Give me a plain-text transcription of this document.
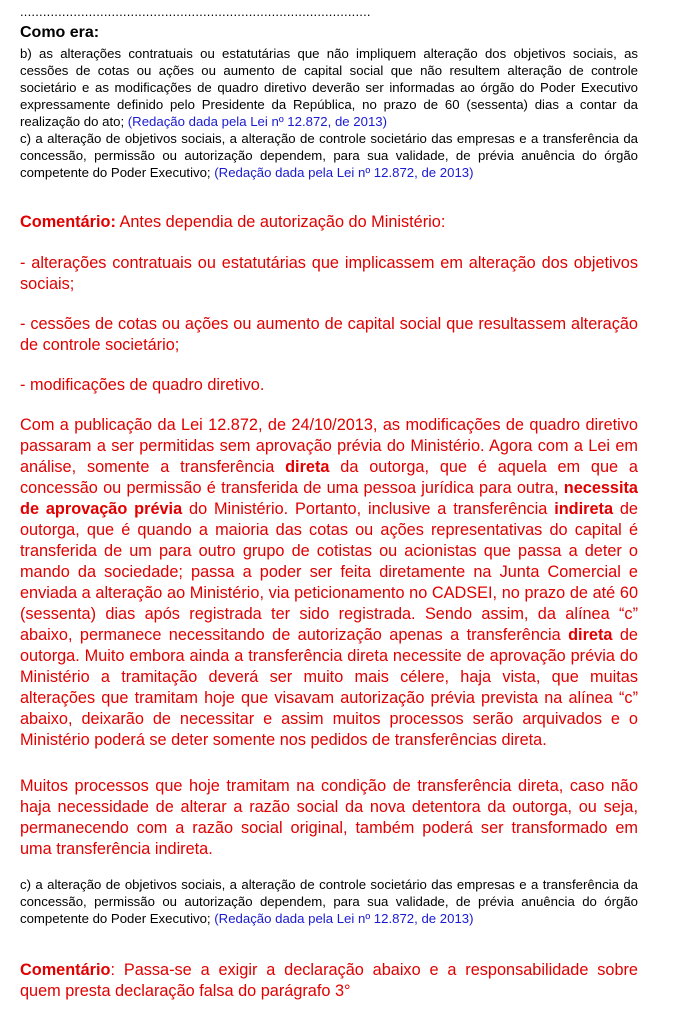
............................................................................................
Como era:
b) as alterações contratuais ou estatutárias que não impliquem alteração dos objetivos sociais, as cessões de cotas ou ações ou aumento de capital social que não resultem alteração de controle societário e as modificações de quadro diretivo deverão ser informadas ao órgão do Poder Executivo expressamente definido pelo Presidente da República, no prazo de 60 (sessenta) dias a contar da realização do ato; (Redação dada pela Lei nº 12.872, de 2013)
c) a alteração de objetivos sociais, a alteração de controle societário das empresas e a transferência da concessão, permissão ou autorização dependem, para sua validade, de prévia anuência do órgão competente do Poder Executivo; (Redação dada pela Lei nº 12.872, de 2013)
Comentário: Antes dependia de autorização do Ministério:
- alterações contratuais ou estatutárias que implicassem em alteração dos objetivos sociais;
- cessões de cotas ou ações ou aumento de capital social que resultassem alteração de controle societário;
- modificações de quadro diretivo.
Com a publicação da Lei 12.872, de 24/10/2013, as modificações de quadro diretivo passaram a ser permitidas sem aprovação prévia do Ministério. Agora com a Lei em análise, somente a transferência direta da outorga, que é aquela em que a concessão ou permissão é transferida de uma pessoa jurídica para outra, necessita de aprovação prévia do Ministério. Portanto, inclusive a transferência indireta de outorga, que é quando a maioria das cotas ou ações representativas do capital é transferida de um para outro grupo de cotistas ou acionistas que passa a deter o mando da sociedade; passa a poder ser feita diretamente na Junta Comercial e enviada a alteração ao Ministério, via peticionamento no CADSEI, no prazo de até 60 (sessenta) dias após registrada ter sido registrada. Sendo assim, da alínea “c” abaixo, permanece necessitando de autorização apenas a transferência direta de outorga. Muito embora ainda a transferência direta necessite de aprovação prévia do Ministério a tramitação deverá ser muito mais célere, haja vista, que muitas alterações que tramitam hoje que visavam autorização prévia prevista na alínea “c” abaixo, deixarão de necessitar e assim muitos processos serão arquivados e o Ministério poderá se deter somente nos pedidos de transferências direta.
Muitos processos que hoje tramitam na condição de transferência direta, caso não haja necessidade de alterar a razão social da nova detentora da outorga, ou seja, permanecendo com a razão social original, também poderá ser transformado em uma transferência indireta.
c) a alteração de objetivos sociais, a alteração de controle societário das empresas e a transferência da concessão, permissão ou autorização dependem, para sua validade, de prévia anuência do órgão competente do Poder Executivo; (Redação dada pela Lei nº 12.872, de 2013)
Comentário: Passa-se a exigir a declaração abaixo e a responsabilidade sobre quem presta declaração falsa do parágrafo 3°
